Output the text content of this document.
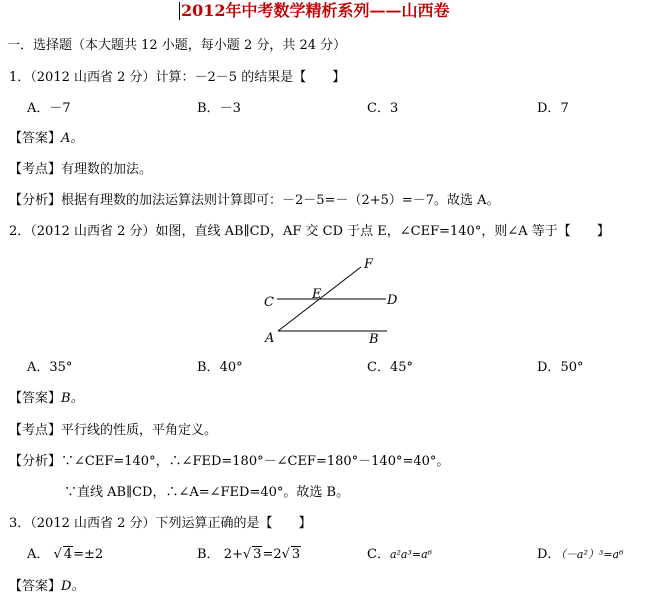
2012年中考数学精析系列——山西卷
一．选择题（本大题共 12 小题，每小题 2 分，共 24 分）
1．（2012 山西省 2 分）计算：－2－5 的结果是【　　】
A．－7	B．－3	C．3	D．7
【答案】A。
【考点】有理数的加法。
【分析】根据有理数的加法运算法则计算即可：－2－5=－（2+5）=－7。故选 A。
2．（2012 山西省 2 分）如图，直线 AB∥CD，AF 交 CD 于点 E，∠CEF=140°，则∠A 等于【　　】
F
E
C	D
A	B
A．35°	B．40°	C．45°	D．50°
【答案】B。
【考点】平行线的性质，平角定义。
【分析】∵∠CEF=140°，∴∠FED=180°－∠CEF=180°－140°=40°。
∵直线 AB∥CD，∴∠A=∠FED=40°。故选 B。
3．（2012 山西省 2 分）下列运算正确的是【　　】
A． √ 4=±2	B． 2+√ 3=2√ 3	C．a²a³=a⁶	D．（－a²）³=a⁶
【答案】D。
